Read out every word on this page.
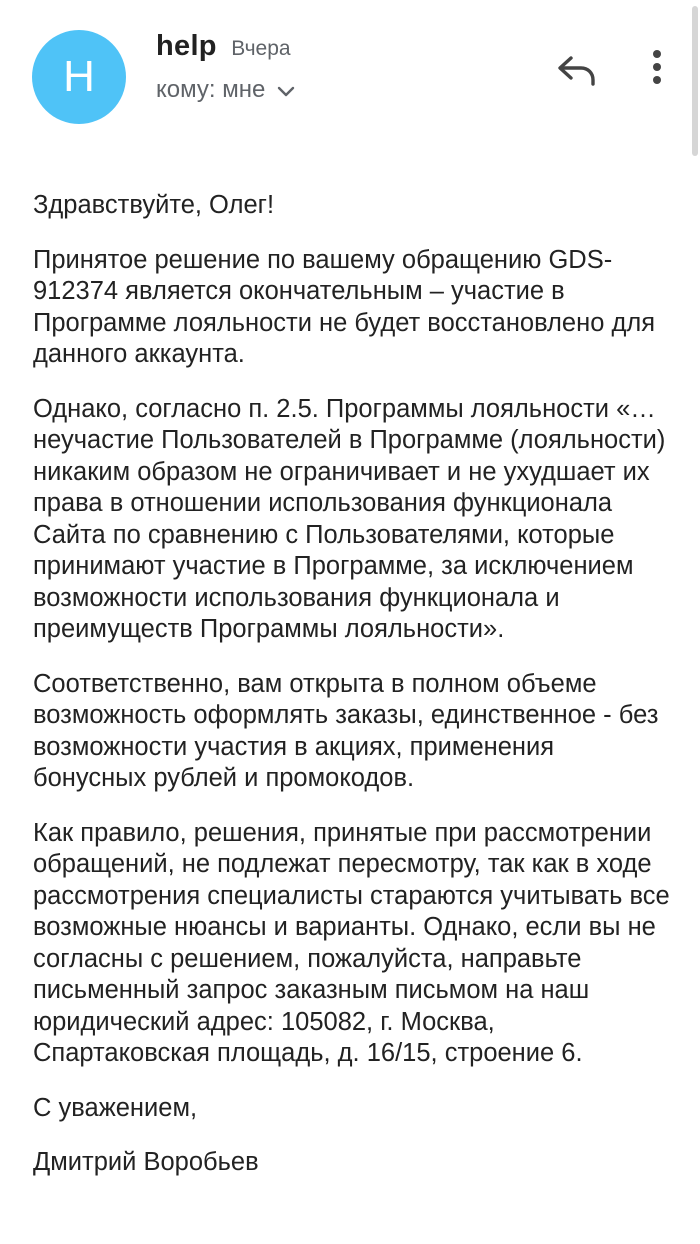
H
help Вчера
кому: мне

Здравствуйте, Олег!

Принятое решение по вашему обращению GDS-912374 является окончательным – участие в Программе лояльности не будет восстановлено для данного аккаунта.

Однако, согласно п. 2.5. Программы лояльности «…неучастие Пользователей в Программе (лояльности) никаким образом не ограничивает и не ухудшает их права в отношении использования функционала Сайта по сравнению с Пользователями, которые принимают участие в Программе, за исключением возможности использования функционала и преимуществ Программы лояльности».

Соответственно, вам открыта в полном объеме возможность оформлять заказы, единственное - без возможности участия в акциях, применения бонусных рублей и промокодов.

Как правило, решения, принятые при рассмотрении обращений, не подлежат пересмотру, так как в ходе рассмотрения специалисты стараются учитывать все возможные нюансы и варианты. Однако, если вы не согласны с решением, пожалуйста, направьте письменный запрос заказным письмом на наш юридический адрес: 105082, г. Москва, Спартаковская площадь, д. 16/15, строение 6.

С уважением,

Дмитрий Воробьев
